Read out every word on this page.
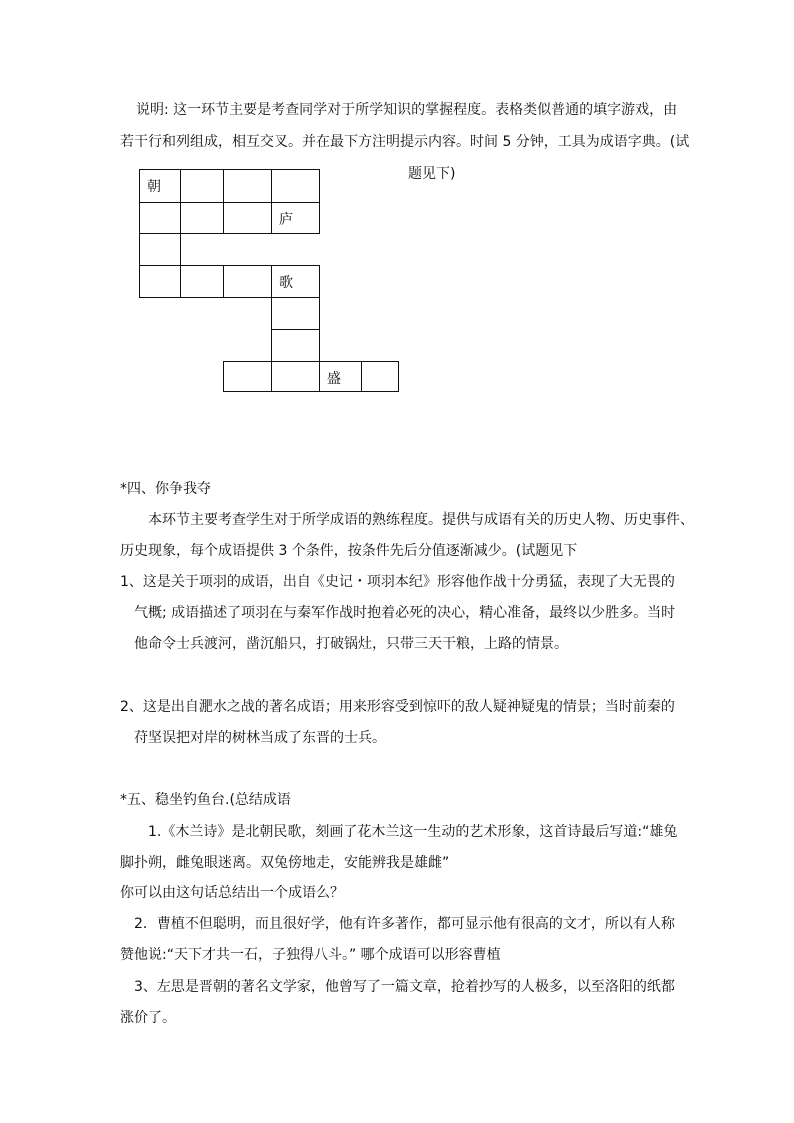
说明: 这一环节主要是考查同学对于所学知识的掌握程度。表格类似普通的填字游戏，由
若干行和列组成，相互交叉。并在最下方注明提示内容。时间 5 分钟，工具为成语字典。(试
题见下)
朝
庐
歌
盛
*四、你争我夺
本环节主要考查学生对于所学成语的熟练程度。提供与成语有关的历史人物、历史事件、
历史现象，每个成语提供 3 个条件，按条件先后分值逐渐减少。(试题见下
1、这是关于项羽的成语，出自《史记・项羽本纪》形容他作战十分勇猛，表现了大无畏的
气概; 成语描述了项羽在与秦军作战时抱着必死的决心，精心准备，最终以少胜多。当时
他命令士兵渡河，凿沉船只，打破锅灶，只带三天干粮，上路的情景。
2、这是出自淝水之战的著名成语；用来形容受到惊吓的敌人疑神疑鬼的情景；当时前秦的
苻坚误把对岸的树林当成了东晋的士兵。
*五、稳坐钓鱼台.(总结成语
1.《木兰诗》是北朝民歌，刻画了花木兰这一生动的艺术形象，这首诗最后写道:“雄兔
脚扑朔，雌兔眼迷离。双兔傍地走，安能辨我是雄雌”
你可以由这句话总结出一个成语么？
2．曹植不但聪明，而且很好学，他有许多著作，都可显示他有很高的文才，所以有人称
赞他说:“天下才共一石，子独得八斗。” 哪个成语可以形容曹植
3、左思是晋朝的著名文学家，他曾写了一篇文章，抢着抄写的人极多，以至洛阳的纸都
涨价了。
